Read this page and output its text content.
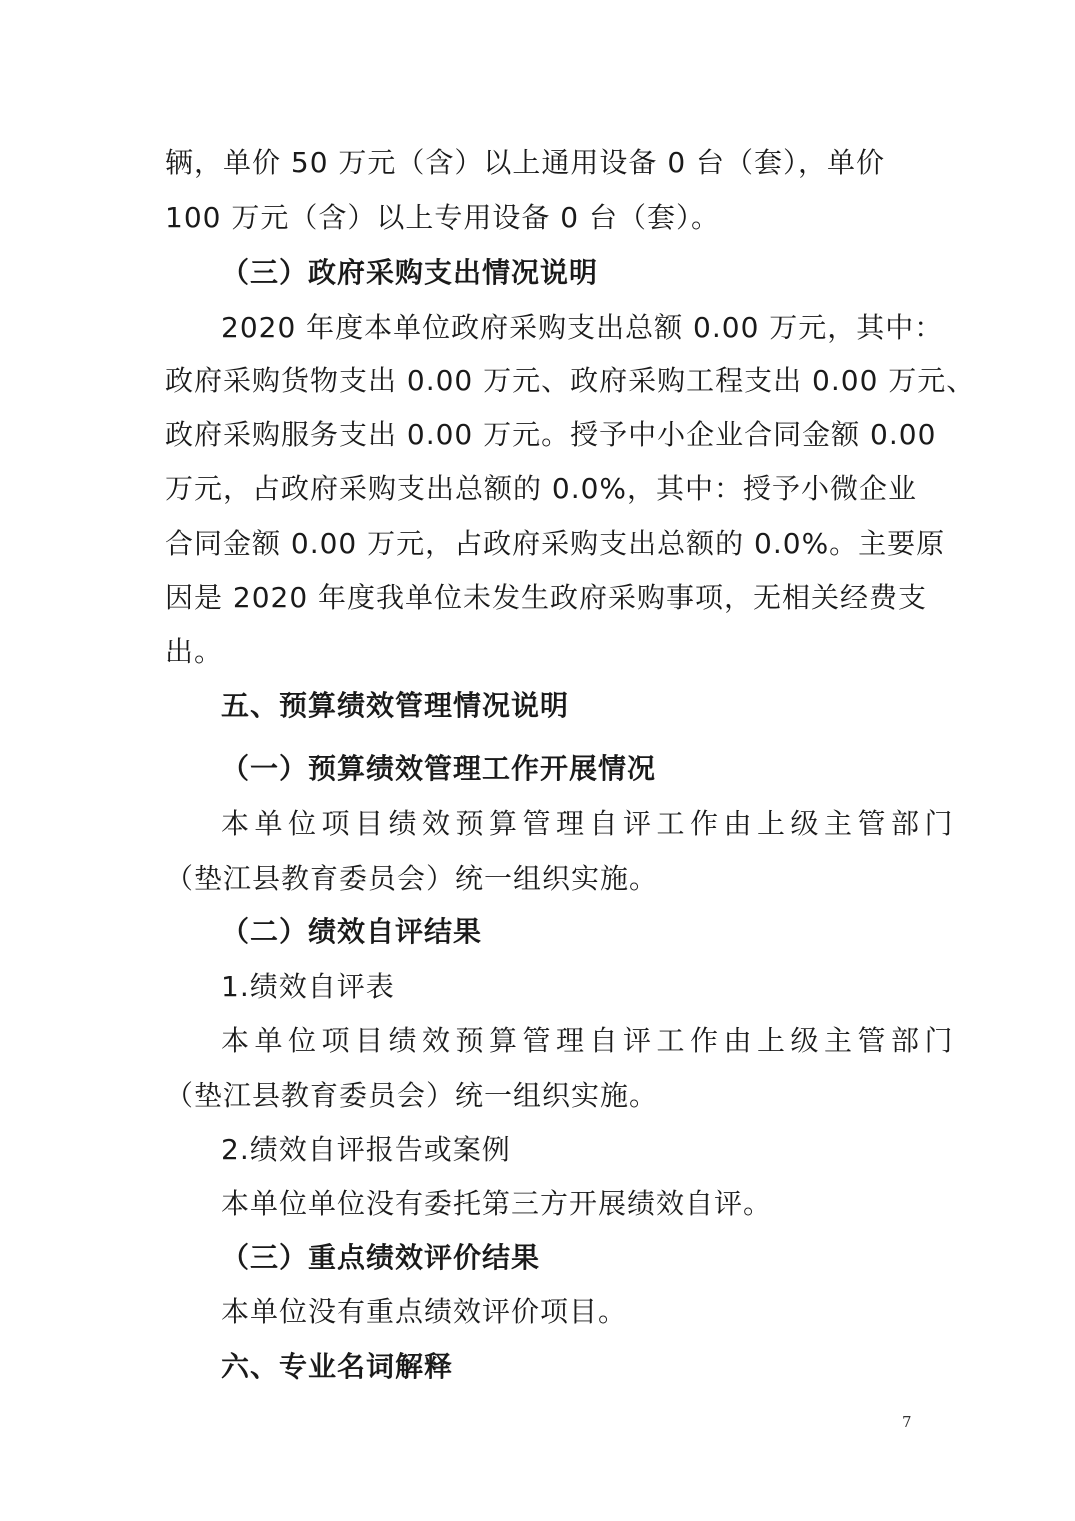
辆，单价 50 万元（含）以上通用设备 0 台（套），单价
100 万元（含）以上专用设备 0 台（套）。
（三）政府采购支出情况说明
2020 年度本单位政府采购支出总额 0.00 万元，其中：
政府采购货物支出 0.00 万元、政府采购工程支出 0.00 万元、
政府采购服务支出 0.00 万元。授予中小企业合同金额 0.00
万元，占政府采购支出总额的 0.0%，其中：授予小微企业
合同金额 0.00 万元，占政府采购支出总额的 0.0%。主要原
因是 2020 年度我单位未发生政府采购事项，无相关经费支
出。
五、预算绩效管理情况说明
（一）预算绩效管理工作开展情况
本单位项目绩效预算管理自评工作由上级主管部门
（垫江县教育委员会）统一组织实施。
（二）绩效自评结果
1.绩效自评表
本单位项目绩效预算管理自评工作由上级主管部门
（垫江县教育委员会）统一组织实施。
2.绩效自评报告或案例
本单位单位没有委托第三方开展绩效自评。
（三）重点绩效评价结果
本单位没有重点绩效评价项目。
六、专业名词解释
7
